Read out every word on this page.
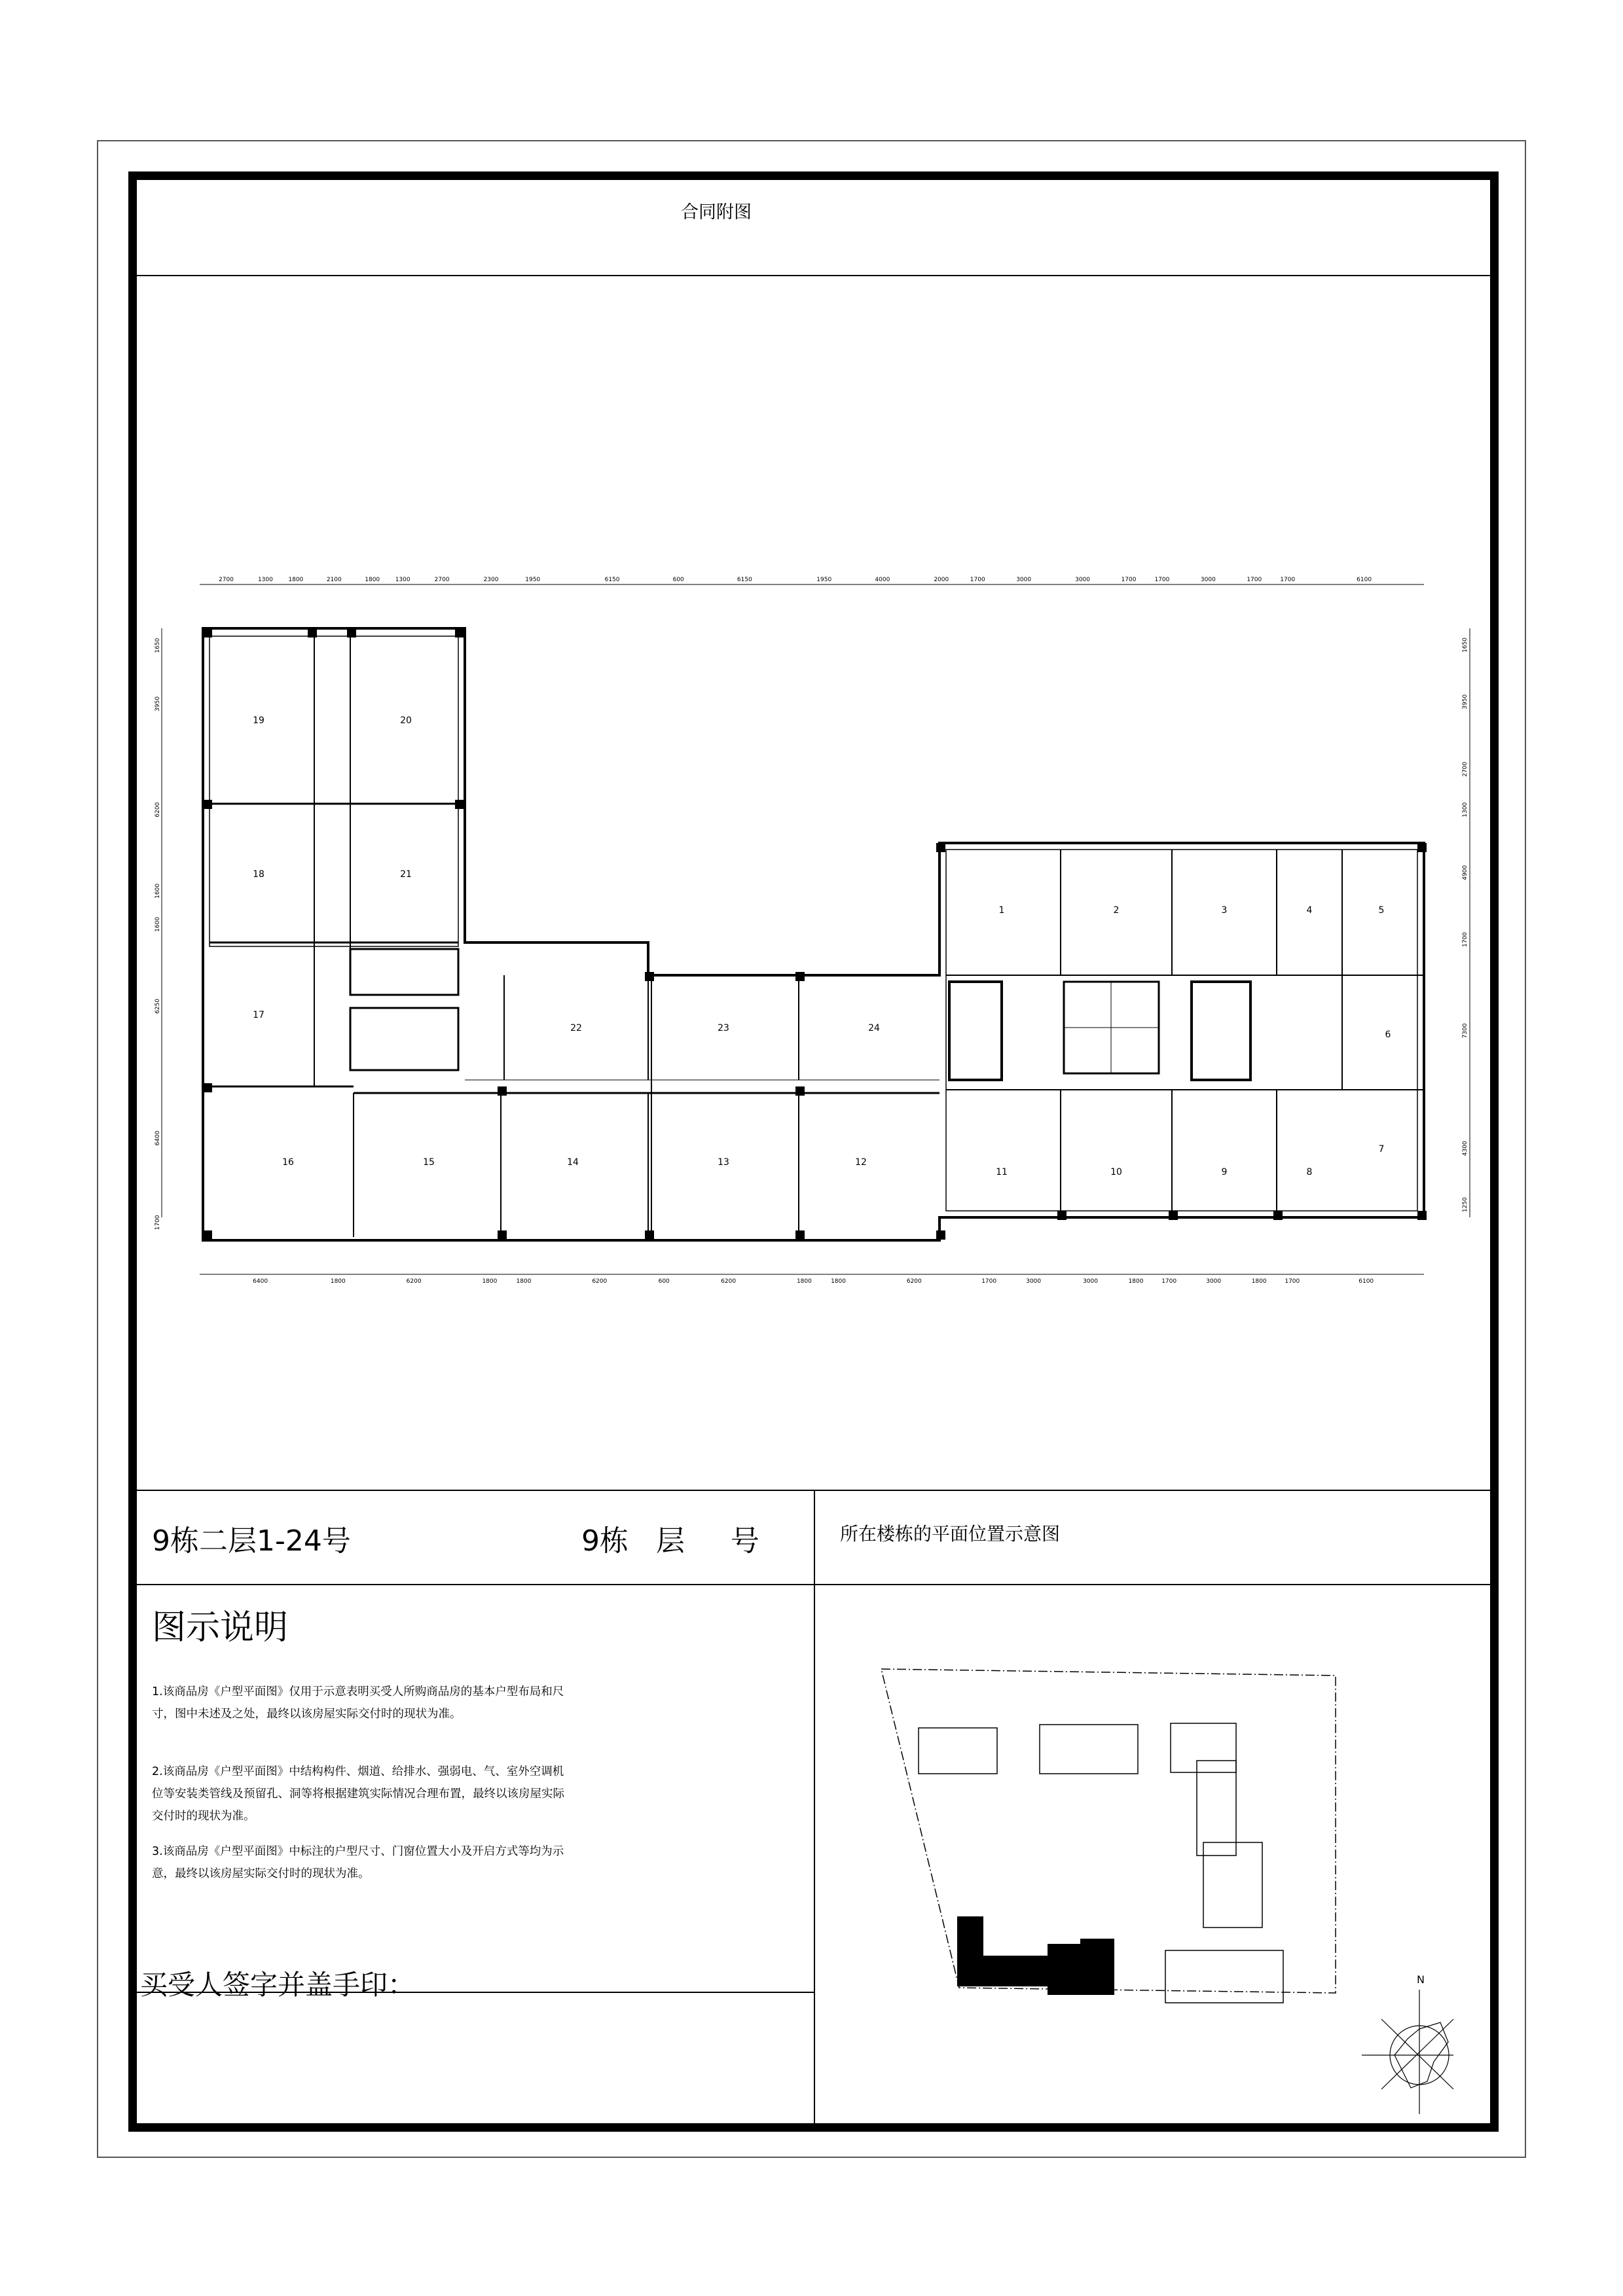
合同附图
1	2	3	4	5
6
7
8
9
10
11
12
13
14
15
16
17
18
19	20
21
22	23	24
2700	1300	1800	2100	1800	1300	2700	2300	1950	6150	600	6150	1950	4000	2000	1700	3000	3000	1700	1700	3000	1700	1700	6100
6400	1800	6200	1800	1800	6200	600	6200	1800	1800	6200	1700	3000	3000	1800	1700	3000	1800	1700	6100
1650
3950
6200
1600
1600
6250
6400
1700
1650
3950
2700
1300
4900
1700
7300
4300
1250
9栋二层1-24号	9栋   层     号	所在楼栋的平面位置示意图
图示说明
1.该商品房《户型平面图》仅用于示意表明买受人所购商品房的基本户型布局和尺寸，图中未述及之处，最终以该房屋实际交付时的现状为准。
2.该商品房《户型平面图》中结构构件、烟道、给排水、强弱电、气、室外空调机位等安装类管线及预留孔、洞等将根据建筑实际情况合理布置，最终以该房屋实际交付时的现状为准。
3.该商品房《户型平面图》中标注的户型尺寸、门窗位置大小及开启方式等均为示意，最终以该房屋实际交付时的现状为准。
买受人签字并盖手印：	N
